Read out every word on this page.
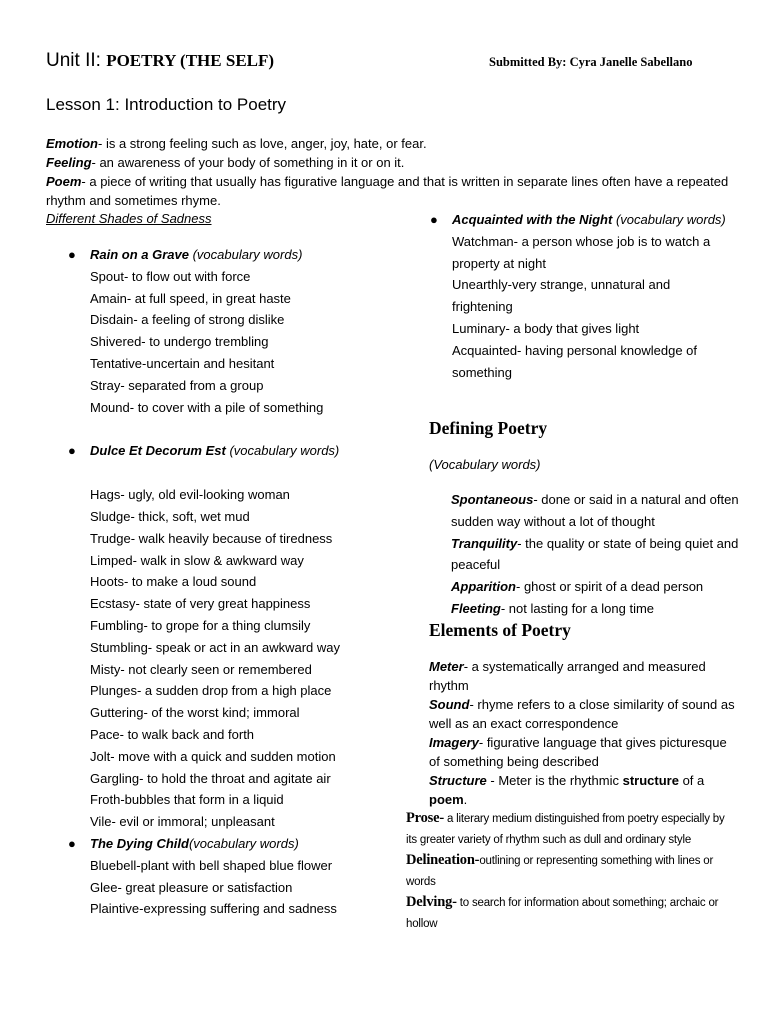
Unit II: POETRY (THE SELF)	Submitted By: Cyra Janelle Sabellano
Lesson 1: Introduction to Poetry
Emotion- is a strong feeling such as love, anger, joy, hate, or fear.
Feeling- an awareness of your body of something in it or on it.
Poem- a piece of writing that usually has figurative language and that is written in separate lines often have a repeated rhythm and sometimes rhyme.
Different Shades of Sadness
● Rain on a Grave (vocabulary words)
Spout- to flow out with force
Amain- at full speed, in great haste
Disdain- a feeling of strong dislike
Shivered- to undergo trembling
Tentative-uncertain and hesitant
Stray- separated from a group
Mound- to cover with a pile of something
● Dulce Et Decorum Est (vocabulary words)
Hags- ugly, old evil-looking woman
Sludge- thick, soft, wet mud
Trudge- walk heavily because of tiredness
Limped- walk in slow & awkward way
Hoots- to make a loud sound
Ecstasy- state of very great happiness
Fumbling- to grope for a thing clumsily
Stumbling- speak or act in an awkward way
Misty- not clearly seen or remembered
Plunges- a sudden drop from a high place
Guttering- of the worst kind; immoral
Pace- to walk back and forth
Jolt- move with a quick and sudden motion
Gargling- to hold the throat and agitate air
Froth-bubbles that form in a liquid
Vile- evil or immoral; unpleasant
● The Dying Child(vocabulary words)
Bluebell-plant with bell shaped blue flower
Glee- great pleasure or satisfaction
Plaintive-expressing suffering and sadness
● Acquainted with the Night (vocabulary words)
Watchman- a person whose job is to watch a property at night
Unearthly-very strange, unnatural and frightening
Luminary- a body that gives light
Acquainted- having personal knowledge of something
Defining Poetry
(Vocabulary words)
Spontaneous- done or said in a natural and often sudden way without a lot of thought
Tranquility- the quality or state of being quiet and peaceful
Apparition- ghost or spirit of a dead person
Fleeting- not lasting for a long time
Elements of Poetry
Meter- a systematically arranged and measured rhythm
Sound- rhyme refers to a close similarity of sound as well as an exact correspondence
Imagery- figurative language that gives picturesque of something being described
Structure - Meter is the rhythmic structure of a poem.
Prose- a literary medium distinguished from poetry especially by its greater variety of rhythm such as dull and ordinary style
Delineation-outlining or representing something with lines or words
Delving- to search for information about something; archaic or hollow
